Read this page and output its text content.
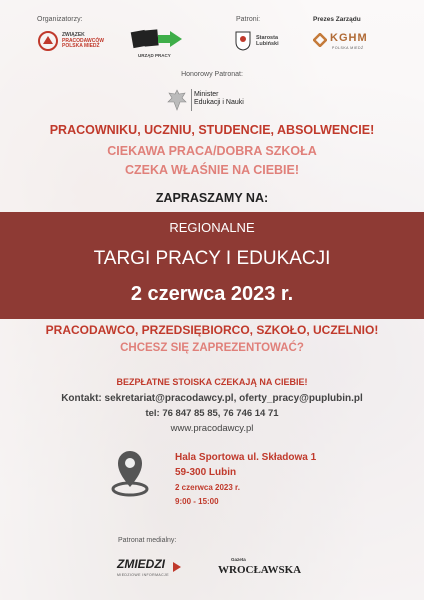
Organizatorzy:
ZWIĄZEK
PRACODAWCÓW
POLSKA MIEDŹ
URZĄD PRACY
Patroni:
Starosta
Lubiński
Prezes Zarządu
KGHM
POLSKA MIEDŹ
Honorowy Patronat:
Minister
Edukacji i Nauki
PRACOWNIKU, UCZNIU, STUDENCIE, ABSOLWENCIE!
CIEKAWA PRACA/DOBRA SZKOŁA
CZEKA WŁAŚNIE NA CIEBIE!
ZAPRASZAMY NA:
REGIONALNE
TARGI PRACY I EDUKACJI
2 czerwca 2023 r.
PRACODAWCO, PRZEDSIĘBIORCO, SZKOŁO, UCZELNIO!
CHCESZ SIĘ ZAPREZENTOWAĆ?
BEZPŁATNE STOISKA CZEKAJĄ NA CIEBIE!
Kontakt: sekretariat@pracodawcy.pl, oferty_pracy@puplubin.pl
tel: 76 847 85 85, 76 746 14 71
www.pracodawcy.pl
Hala Sportowa ul. Składowa 1
59-300 Lubin
2 czerwca 2023 r.
9:00 - 15:00
Patronat medialny:
ZMIEDZI
MIEDZIOWE INFORMACJE
Gazeta
WROCŁAWSKA
